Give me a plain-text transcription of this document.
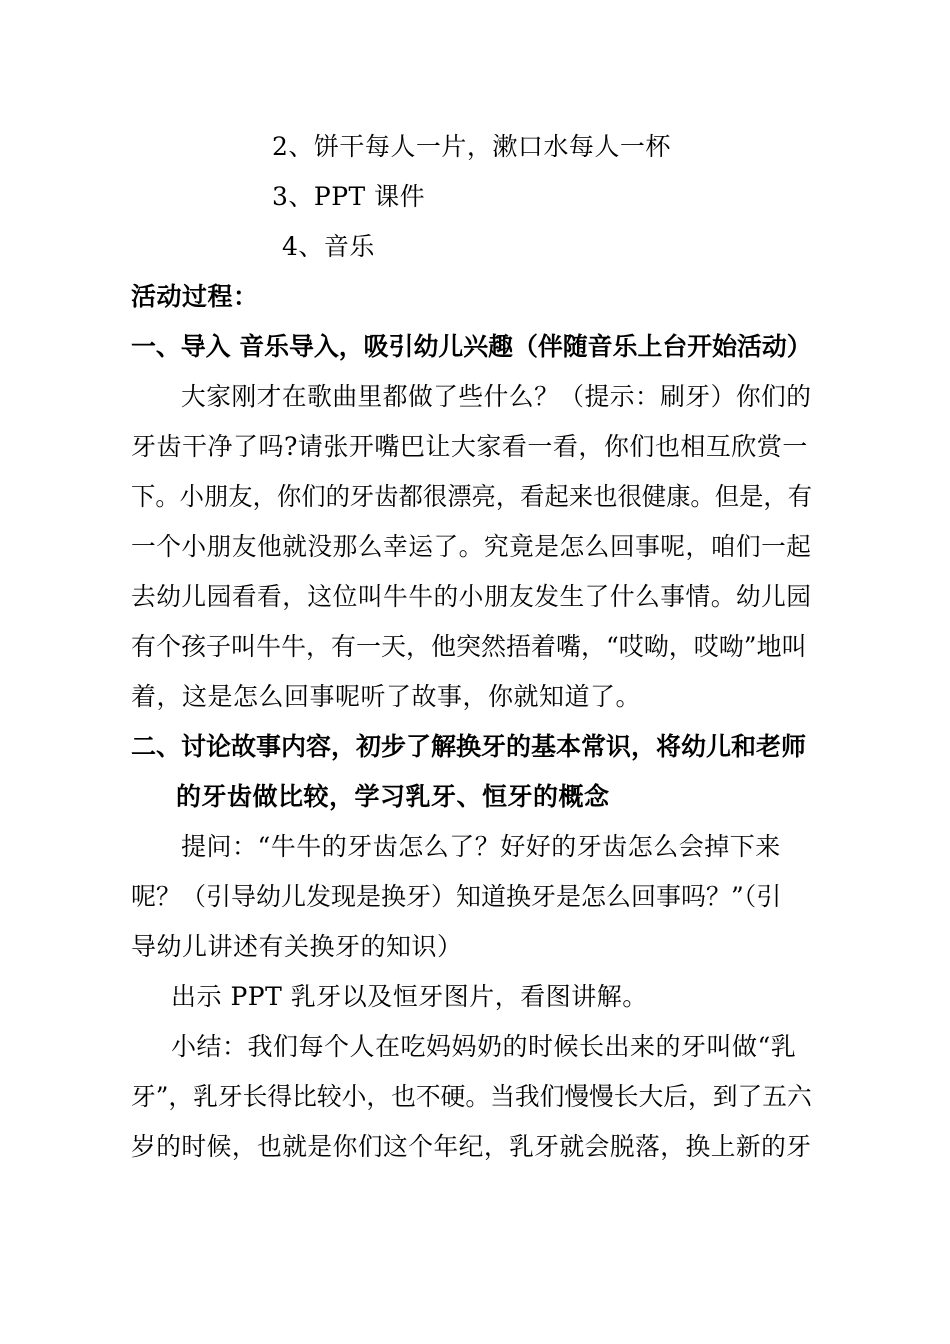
2、饼干每人一片，漱口水每人一杯
3、PPT 课件
4、音乐
活动过程：
一、导入 音乐导入，吸引幼儿兴趣（伴随音乐上台开始活动）
大家刚才在歌曲里都做了些什么？（提示：刷牙）你们的
牙齿干净了吗?请张开嘴巴让大家看一看，你们也相互欣赏一
下。小朋友，你们的牙齿都很漂亮，看起来也很健康。但是，有
一个小朋友他就没那么幸运了。究竟是怎么回事呢，咱们一起
去幼儿园看看，这位叫牛牛的小朋友发生了什么事情。幼儿园
有个孩子叫牛牛，有一天，他突然捂着嘴，“哎呦，哎呦”地叫
着，这是怎么回事呢听了故事，你就知道了。
二、讨论故事内容，初步了解换牙的基本常识，将幼儿和老师
的牙齿做比较，学习乳牙、恒牙的概念
提问：“牛牛的牙齿怎么了？好好的牙齿怎么会掉下来
呢？（引导幼儿发现是换牙）知道换牙是怎么回事吗？”（引
导幼儿讲述有关换牙的知识）
出示 PPT 乳牙以及恒牙图片，看图讲解。
小结：我们每个人在吃妈妈奶的时候长出来的牙叫做“乳
牙”，乳牙长得比较小，也不硬。当我们慢慢长大后，到了五六
岁的时候，也就是你们这个年纪，乳牙就会脱落，换上新的牙
